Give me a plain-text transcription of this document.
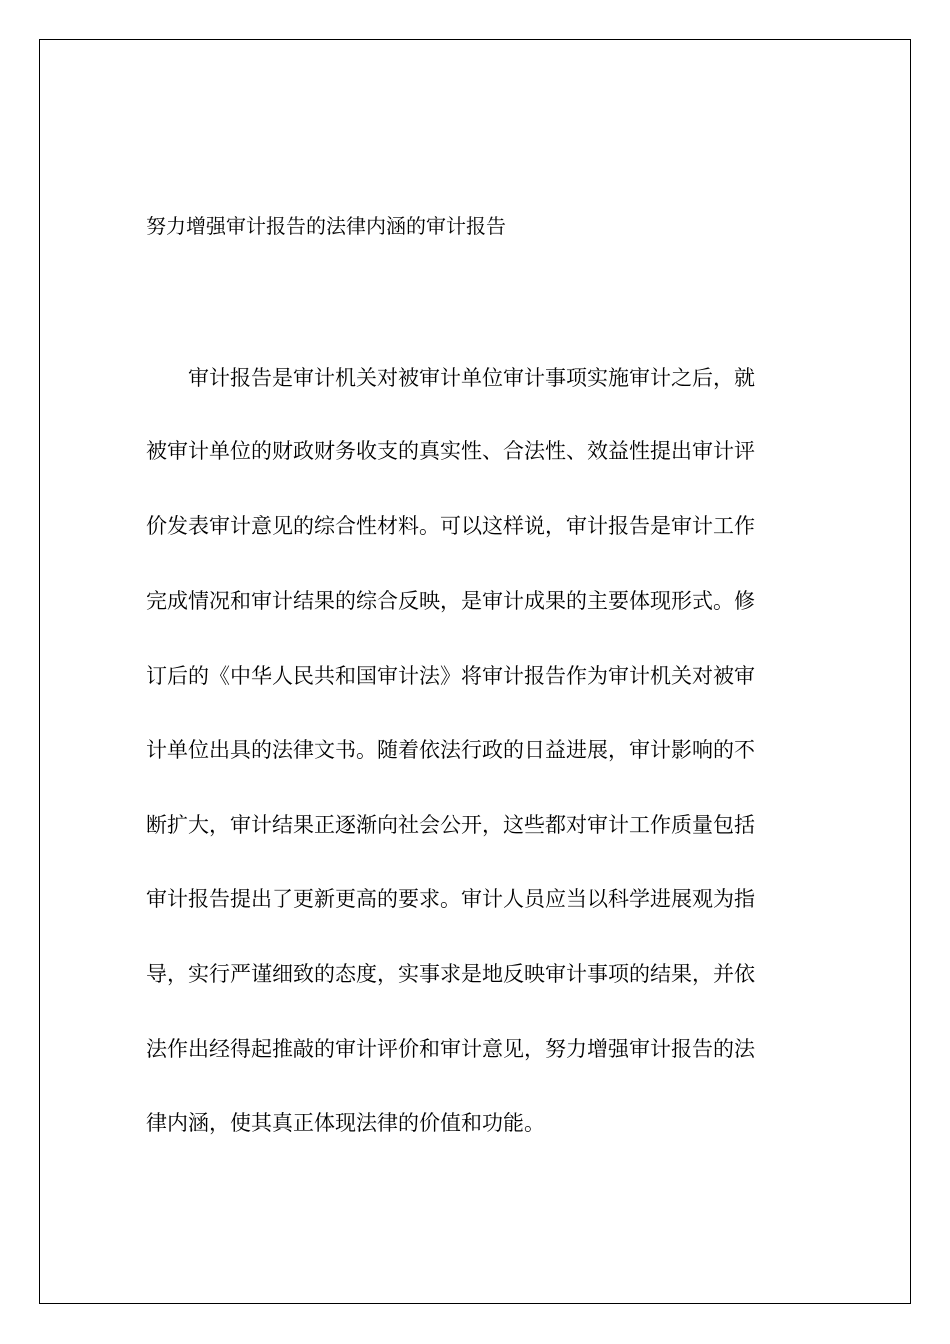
努力增强审计报告的法律内涵的审计报告
审计报告是审计机关对被审计单位审计事项实施审计之后，就
被审计单位的财政财务收支的真实性、合法性、效益性提出审计评
价发表审计意见的综合性材料。可以这样说，审计报告是审计工作
完成情况和审计结果的综合反映，是审计成果的主要体现形式。修
订后的《中华人民共和国审计法》将审计报告作为审计机关对被审
计单位出具的法律文书。随着依法行政的日益进展，审计影响的不
断扩大，审计结果正逐渐向社会公开，这些都对审计工作质量包括
审计报告提出了更新更高的要求。审计人员应当以科学进展观为指
导，实行严谨细致的态度，实事求是地反映审计事项的结果，并依
法作出经得起推敲的审计评价和审计意见，努力增强审计报告的法
律内涵，使其真正体现法律的价值和功能。
